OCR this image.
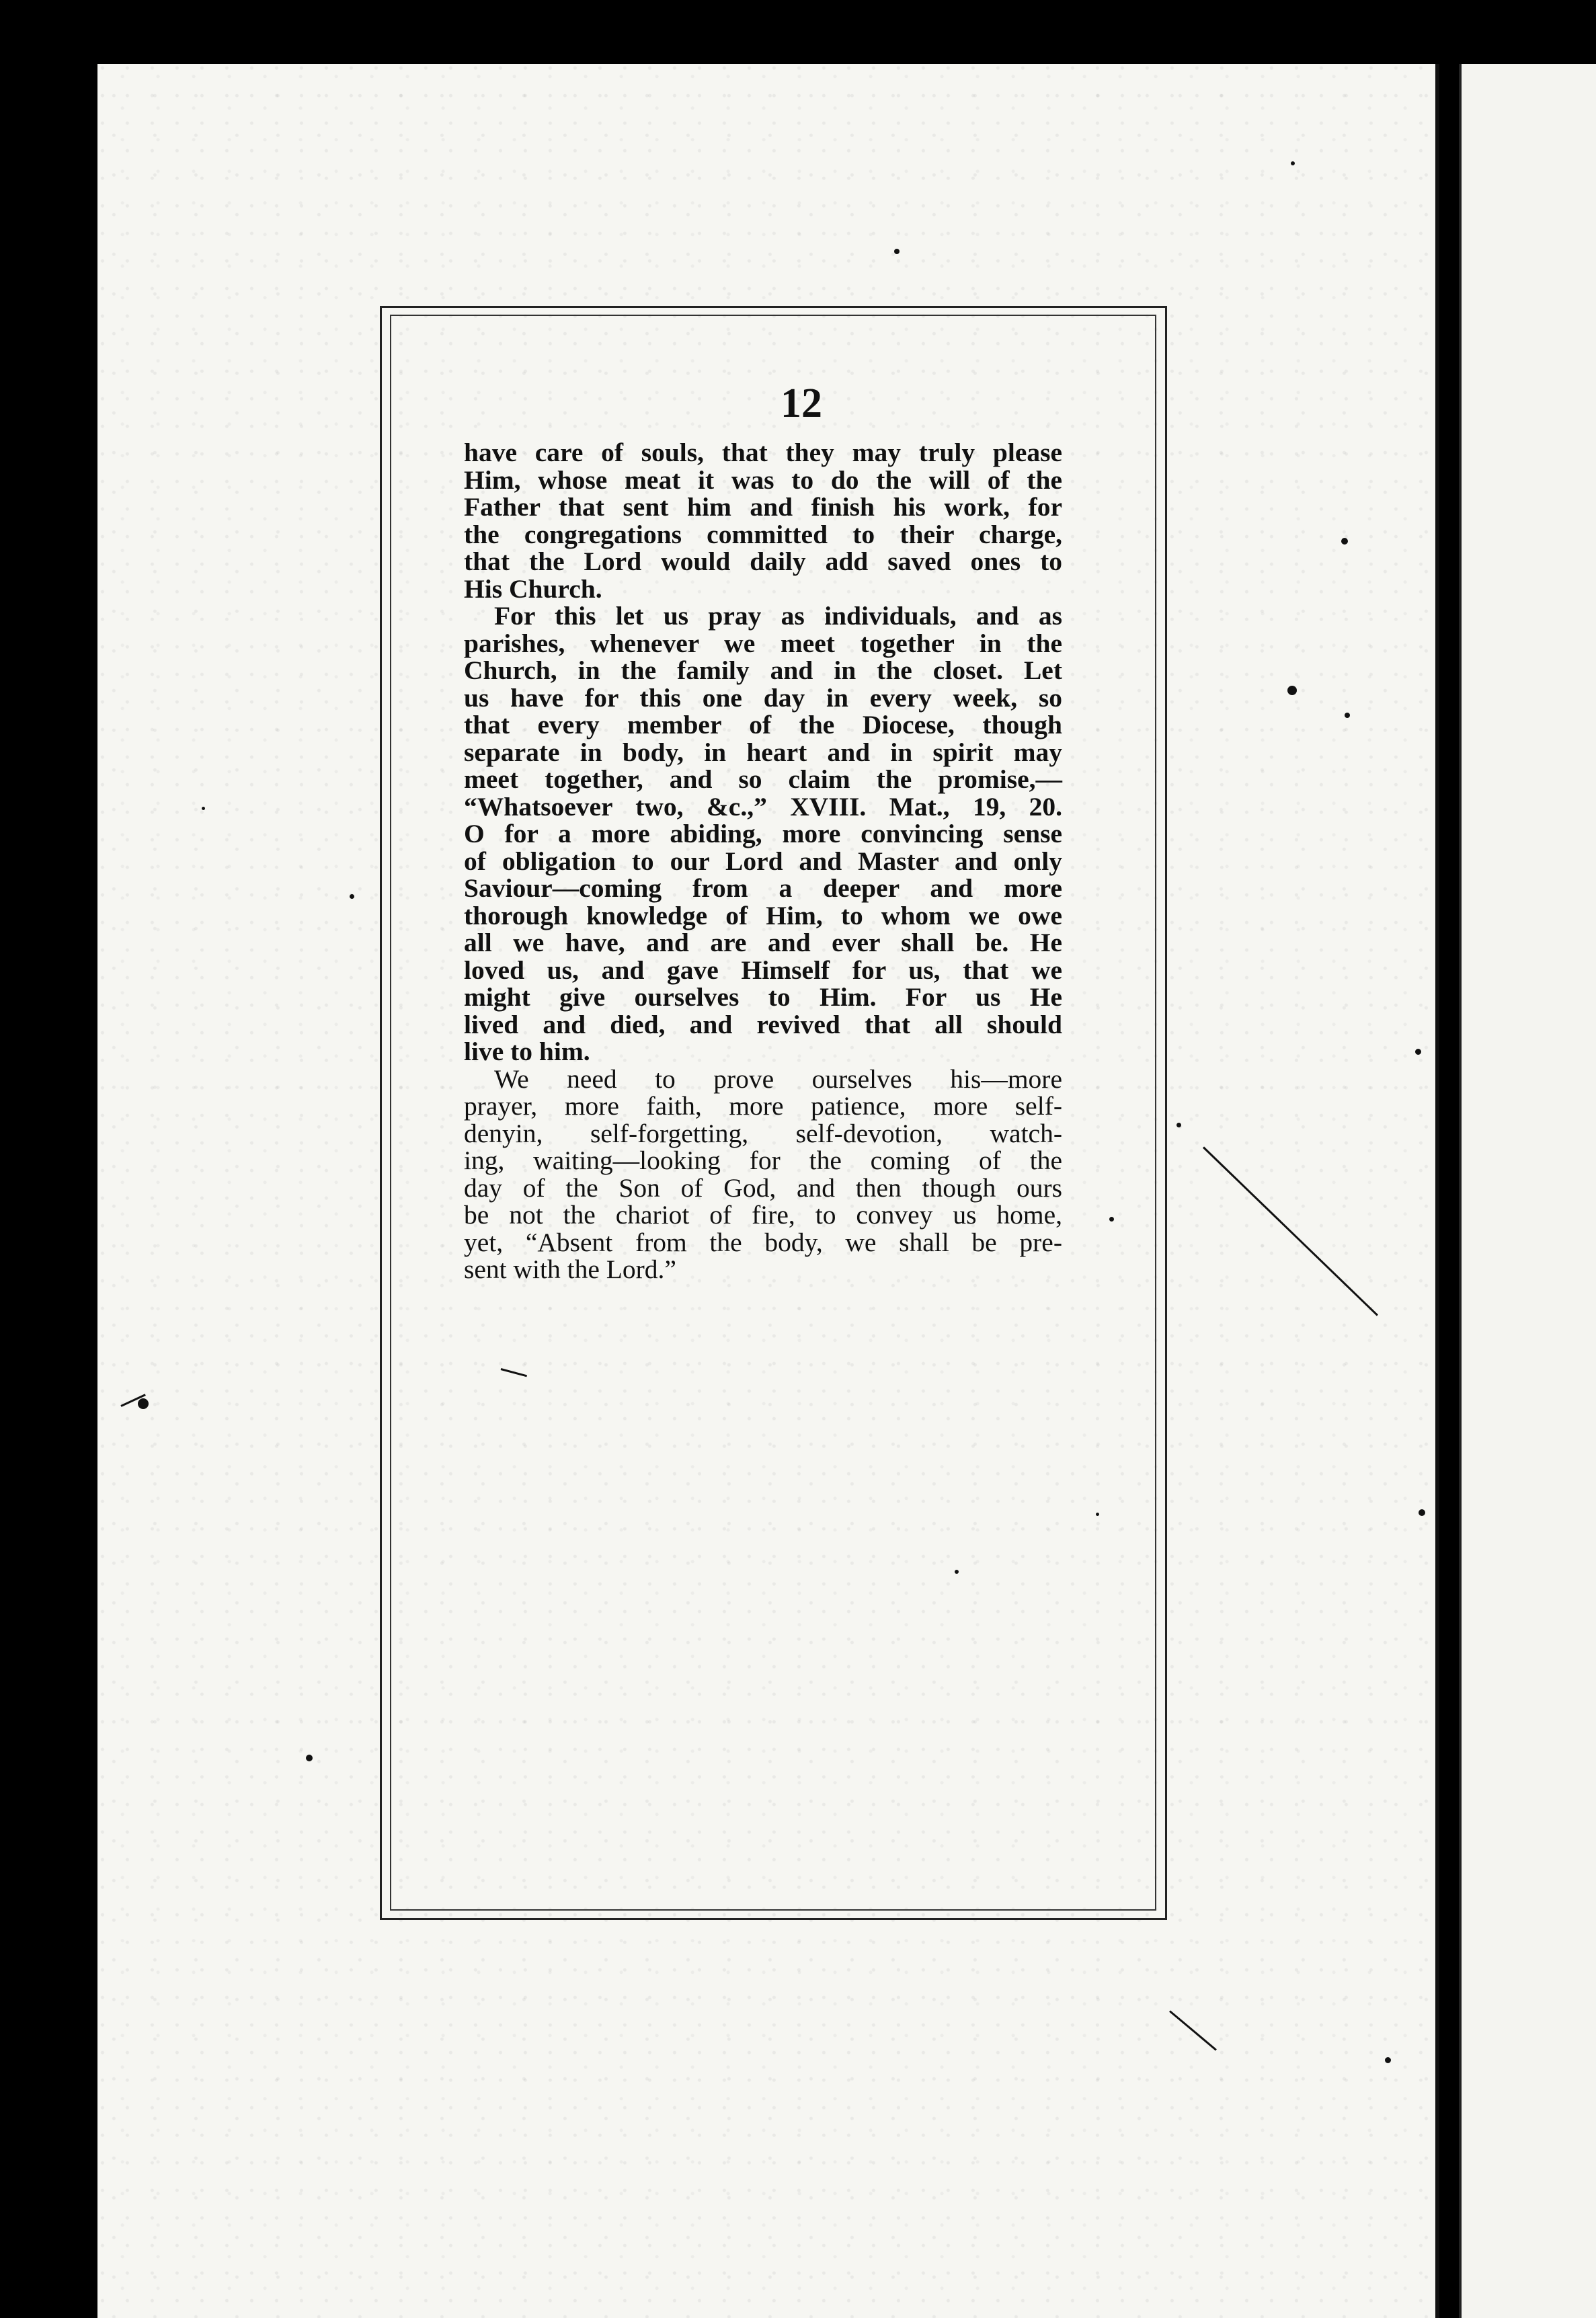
12
have care of souls, that they may truly please
Him, whose meat it was to do the will of the
Father that sent him and finish his work, for
the congregations committed to their charge,
that the Lord would daily add saved ones to
His Church.
For this let us pray as individuals, and as
parishes, whenever we meet together in the
Church, in the family and in the closet. Let
us have for this one day in every week, so
that every member of the Diocese, though
separate in body, in heart and in spirit may
meet together, and so claim the promise,—
“Whatsoever two, &c.,” XVIII. Mat., 19, 20.
O for a more abiding, more convincing sense
of obligation to our Lord and Master and only
Saviour—coming from a deeper and more
thorough knowledge of Him, to whom we owe
all we have, and are and ever shall be. He
loved us, and gave Himself for us, that we
might give ourselves to Him. For us He
lived and died, and revived that all should
live to him.
We need to prove ourselves his—more
prayer, more faith, more patience, more self-
denyin, self-forgetting, self-devotion, watch-
ing, waiting—looking for the coming of the
day of the Son of God, and then though ours
be not the chariot of fire, to convey us home,
yet, “Absent from the body, we shall be pre-
sent with the Lord.”
